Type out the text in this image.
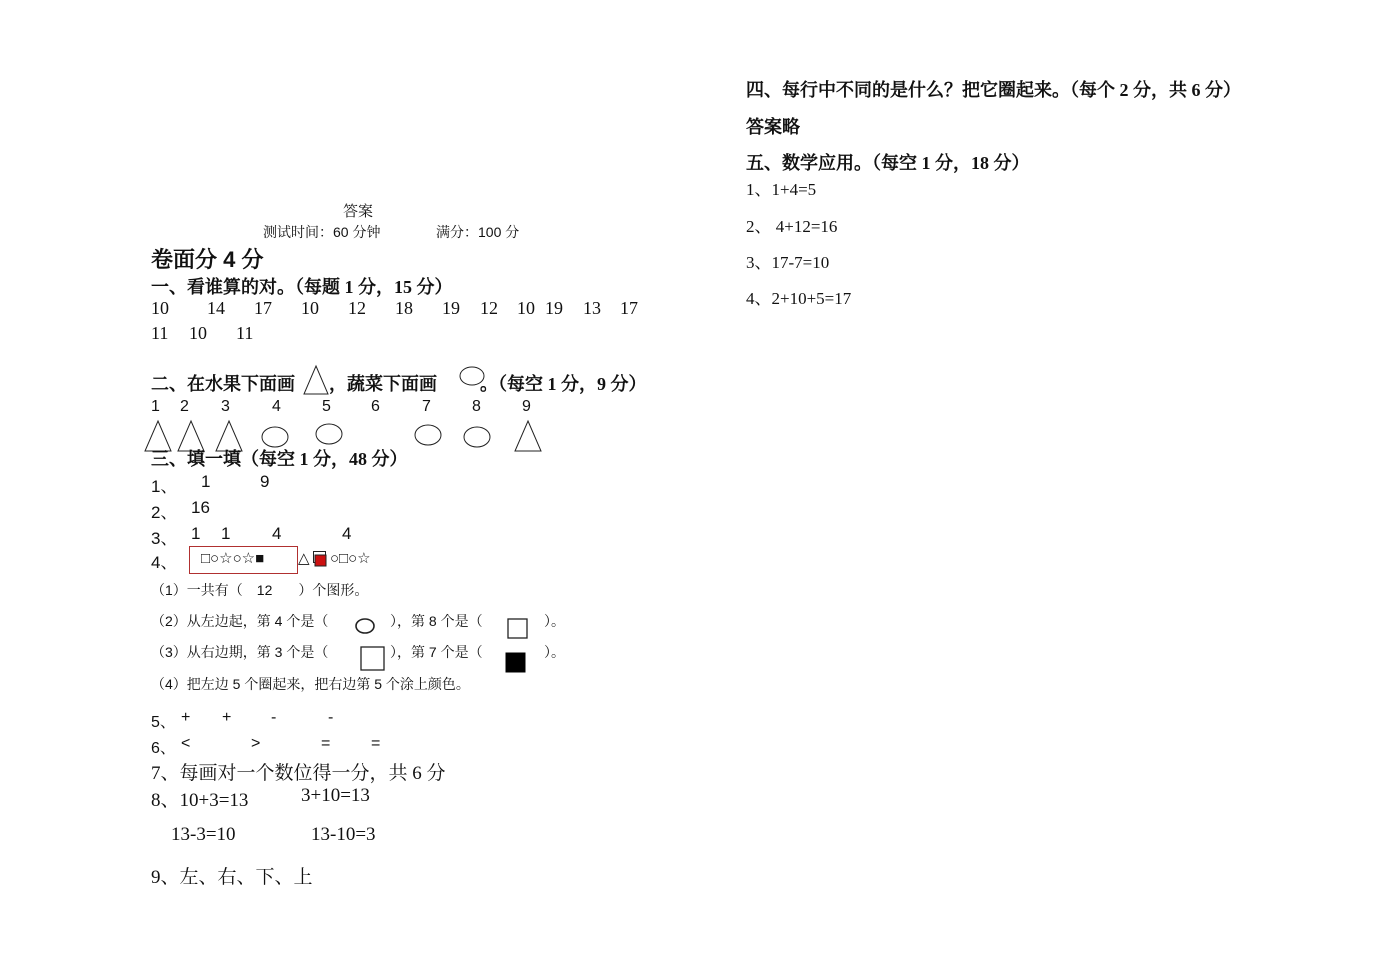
答案
测试时间：60 分钟	满分：100 分
卷面分 4 分
一、看谁算的对。（每题 1 分，15 分）
10 14 17 10 12 18 19 12 10 19 13 17
11 10 11
二、在水果下面画 ，蔬菜下面画 。（每空 1 分，9 分）
1 2 3	4	5	6	7	8	9
三、填一填（每空 1 分，48 分）
1、 1	9
2、 16
3、 1 1 4	4
4、 □○☆○☆■ △ ○□○☆
（1）一共有（ 12 ）个图形。
（2）从左边起，第 4 个是（	），第 8 个是（	）。
（3）从右边期，第 3 个是（	），第 7 个是（	）。
（4）把左边 5 个圈起来，把右边第 5 个涂上颜色。
5、 + + -	-
6、 <	>	=	=
7、每画对一个数位得一分，共 6 分
8、10+3=13	3+10=13
13-3=10	13-10=3
9、左、右、下、上
四、每行中不同的是什么？把它圈起来。（每个 2 分，共 6 分）
答案略
五、数学应用。（每空 1 分，18 分）
1、1+4=5
2、 4+12=16
3、17-7=10
4、2+10+5=17
